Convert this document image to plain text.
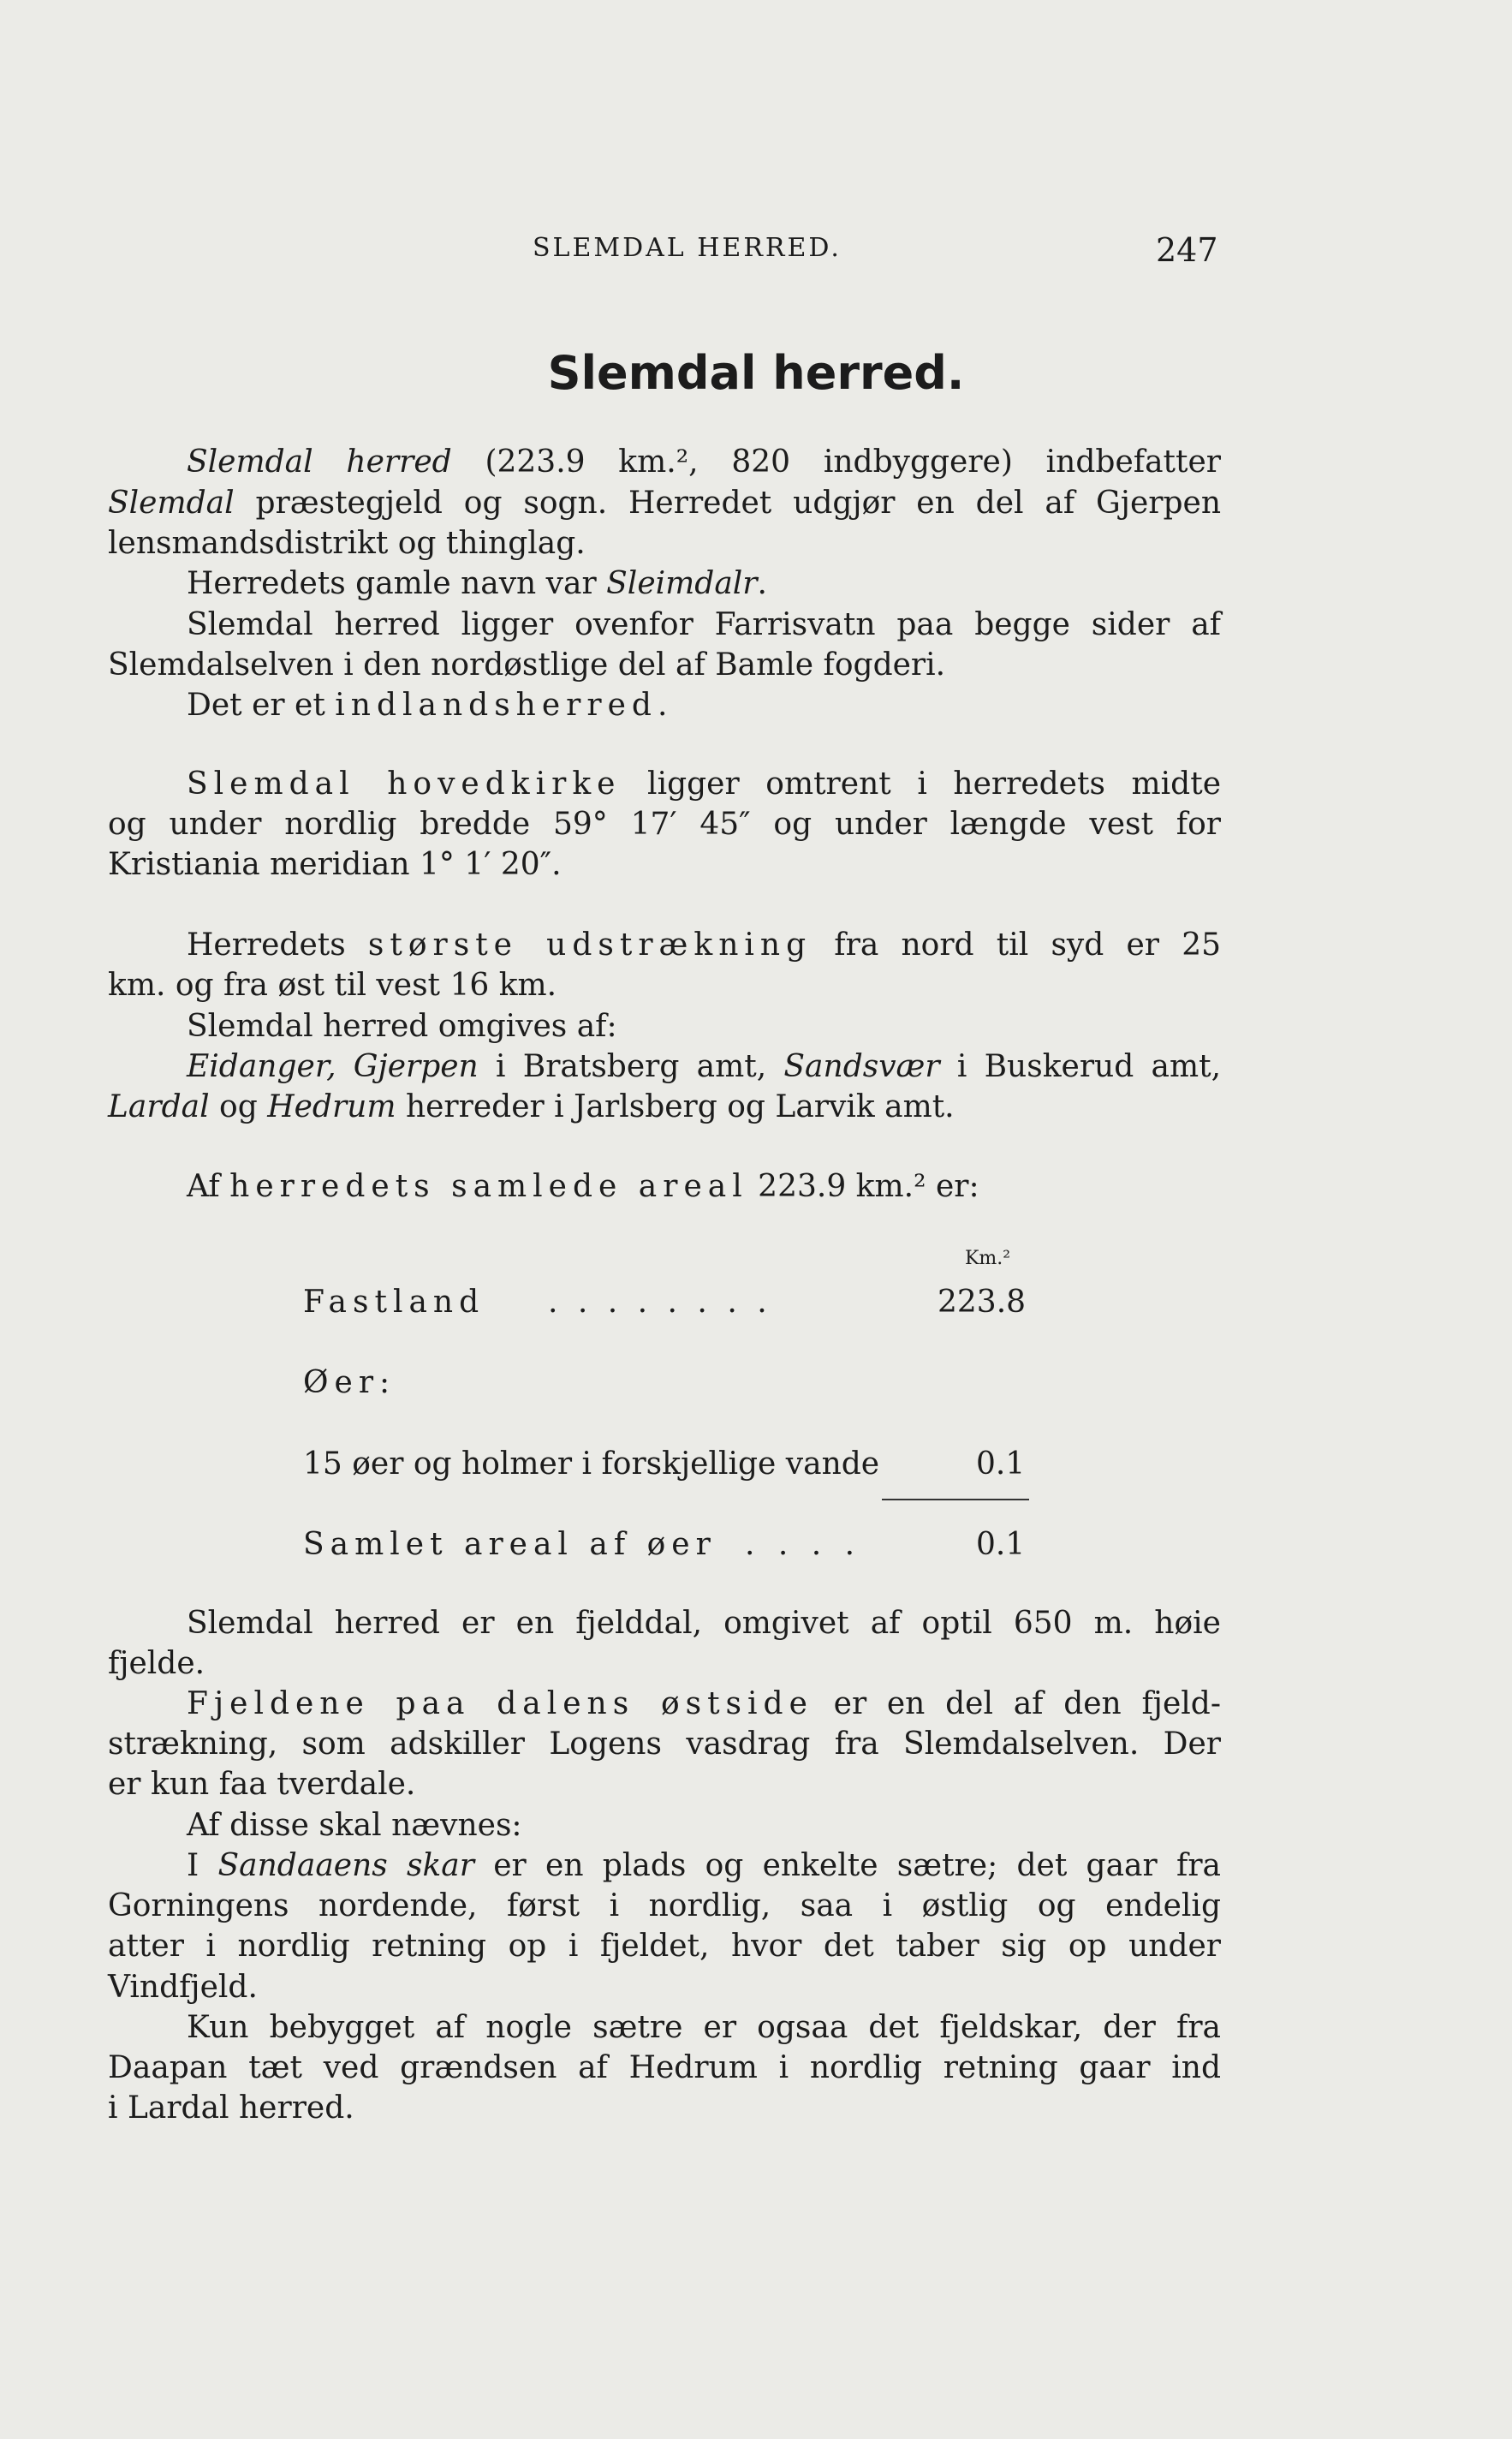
SLEMDAL HERRED.	247
Slemdal herred.
Slemdal herred (223.9 km.², 820 indbyggere) indbefatter
Slemdal præstegjeld og sogn. Herredet udgjør en del af Gjerpen
lensmandsdistrikt og thinglag.
Herredets gamle navn var Sleimdalr.
Slemdal herred ligger ovenfor Farrisvatn paa begge sider af
Slemdalselven i den nordøstlige del af Bamle fogderi.
Det er et indlandsherred.
Slemdal hovedkirke ligger omtrent i herredets midte
og under nordlig bredde 59° 17′ 45″ og under længde vest for
Kristiania meridian 1° 1′ 20″.
Herredets største udstrækning fra nord til syd er 25
km. og fra øst til vest 16 km.
Slemdal herred omgives af:
Eidanger, Gjerpen i Bratsberg amt, Sandsvær i Buskerud amt,
Lardal og Hedrum herreder i Jarlsberg og Larvik amt.
Af herredets samlede areal 223.9 km.² er:
Km.²
Fastland . . . . . . . .	223.8
Øer:
15 øer og holmer i forskjellige vande	0.1
Samlet areal af øer . . . .	0.1
Slemdal herred er en fjelddal, omgivet af optil 650 m. høie
fjelde.
Fjeldene paa dalens østside er en del af den fjeld-
strækning, som adskiller Logens vasdrag fra Slemdalselven. Der
er kun faa tverdale.
Af disse skal nævnes:
I Sandaaens skar er en plads og enkelte sætre; det gaar fra
Gorningens nordende, først i nordlig, saa i østlig og endelig
atter i nordlig retning op i fjeldet, hvor det taber sig op under
Vindfjeld.
Kun bebygget af nogle sætre er ogsaa det fjeldskar, der fra
Daapan tæt ved grændsen af Hedrum i nordlig retning gaar ind
i Lardal herred.
